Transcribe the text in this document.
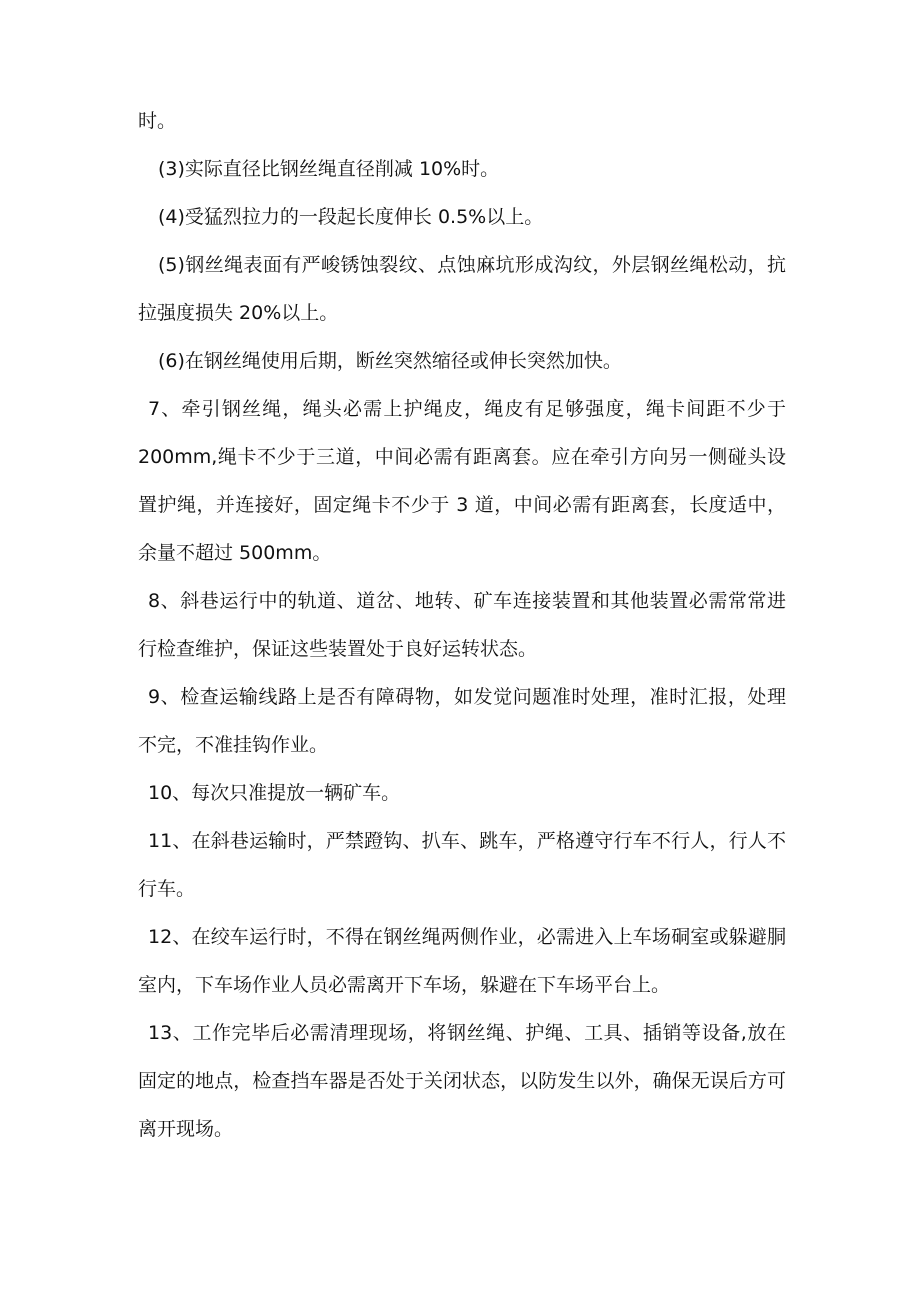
时。

(3)实际直径比钢丝绳直径削减 10%时。

(4)受猛烈拉力的一段起长度伸长 0.5%以上。

(5)钢丝绳表面有严峻锈蚀裂纹、点蚀麻坑形成沟纹，外层钢丝绳松动，抗拉强度损失 20%以上。

(6)在钢丝绳使用后期，断丝突然缩径或伸长突然加快。

7、牵引钢丝绳，绳头必需上护绳皮，绳皮有足够强度，绳卡间距不少于 200mm,绳卡不少于三道，中间必需有距离套。应在牵引方向另一侧碰头设置护绳，并连接好，固定绳卡不少于 3 道，中间必需有距离套，长度适中，余量不超过 500mm。

8、斜巷运行中的轨道、道岔、地转、矿车连接装置和其他装置必需常常进行检查维护，保证这些装置处于良好运转状态。

9、检查运输线路上是否有障碍物，如发觉问题准时处理，准时汇报，处理不完，不准挂钩作业。

10、每次只准提放一辆矿车。

11、在斜巷运输时，严禁蹬钩、扒车、跳车，严格遵守行车不行人，行人不行车。

12、在绞车运行时，不得在钢丝绳两侧作业，必需进入上车场硐室或躲避胴室内，下车场作业人员必需离开下车场，躲避在下车场平台上。

13、工作完毕后必需清理现场，将钢丝绳、护绳、工具、插销等设备,放在固定的地点，检查挡车器是否处于关闭状态，以防发生以外，确保无误后方可离开现场。
